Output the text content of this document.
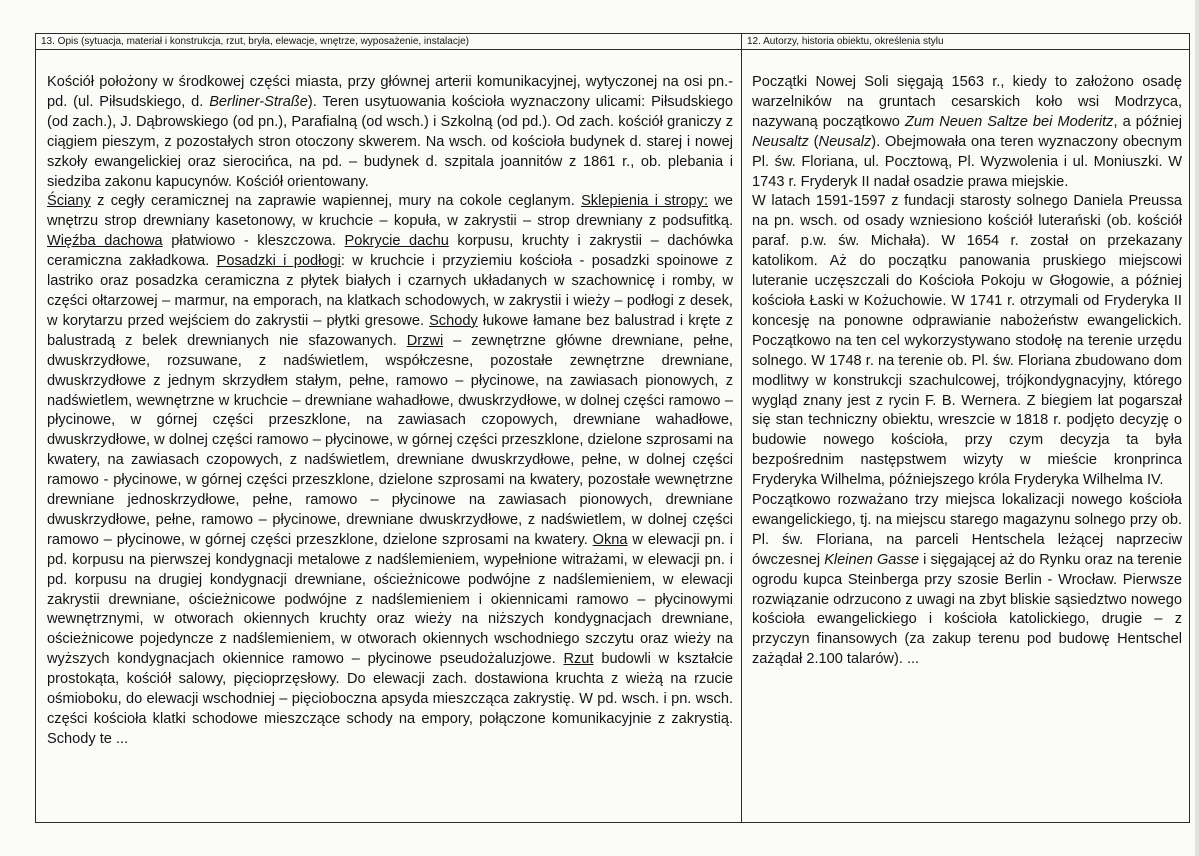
13. Opis (sytuacja, materiał i konstrukcja, rzut, bryła, elewacje, wnętrze, wyposażenie, instalacje)

Kościół położony w środkowej części miasta, przy głównej arterii komunikacyjnej, wytyczonej na osi pn.-pd. (ul. Piłsudskiego, d. Berliner-Straße). Teren usytuowania kościoła wyznaczony ulicami: Piłsudskiego (od zach.), J. Dąbrowskiego (od pn.), Parafialną (od wsch.) i Szkolną (od pd.). Od zach. kościół graniczy z ciągiem pieszym, z pozostałych stron otoczony skwerem. Na wsch. od kościoła budynek d. starej i nowej szkoły ewangelickiej oraz sierocińca, na pd. – budynek d. szpitala joannitów z 1861 r., ob. plebania i siedziba zakonu kapucynów. Kościół orientowany.

Ściany z cegły ceramicznej na zaprawie wapiennej, mury na cokole ceglanym. Sklepienia i stropy: we wnętrzu strop drewniany kasetonowy, w kruchcie – kopuła, w zakrystii – strop drewniany z podsufitką. Więźba dachowa płatwiowo - kleszczowa. Pokrycie dachu korpusu, kruchty i zakrystii – dachówka ceramiczna zakładkowa. Posadzki i podłogi: w kruchcie i przyziemiu kościoła - posadzki spoinowe z lastriko oraz posadzka ceramiczna z płytek białych i czarnych układanych w szachownicę i romby, w części ołtarzowej – marmur, na emporach, na klatkach schodowych, w zakrystii i wieży – podłogi z desek, w korytarzu przed wejściem do zakrystii – płytki gresowe. Schody łukowe łamane bez balustrad i kręte z balustradą z belek drewnianych nie sfazowanych. Drzwi – zewnętrzne główne drewniane, pełne, dwuskrzydłowe, rozsuwane, z nadświetlem, współczesne, pozostałe zewnętrzne drewniane, dwuskrzydłowe z jednym skrzydłem stałym, pełne, ramowo – płycinowe, na zawiasach pionowych, z nadświetlem, wewnętrzne w kruchcie – drewniane wahadłowe, dwuskrzydłowe, w dolnej części ramowo – płycinowe, w górnej części przeszklone, na zawiasach czopowych, drewniane wahadłowe, dwuskrzydłowe, w dolnej części ramowo – płycinowe, w górnej części przeszklone, dzielone szprosami na kwatery, na zawiasach czopowych, z nadświetlem, drewniane dwuskrzydłowe, pełne, w dolnej części ramowo - płycinowe, w górnej części przeszklone, dzielone szprosami na kwatery, pozostałe wewnętrzne drewniane jednoskrzydłowe, pełne, ramowo – płycinowe na zawiasach pionowych, drewniane dwuskrzydłowe, pełne, ramowo – płycinowe, drewniane dwuskrzydłowe, z nadświetlem, w dolnej części ramowo – płycinowe, w górnej części przeszklone, dzielone szprosami na kwatery. Okna w elewacji pn. i pd. korpusu na pierwszej kondygnacji metalowe z nadślemieniem, wypełnione witrażami, w elewacji pn. i pd. korpusu na drugiej kondygnacji drewniane, ościeżnicowe podwójne z nadślemieniem, w elewacji zakrystii drewniane, ościeżnicowe podwójne z nadślemieniem i okiennicami ramowo – płycinowymi wewnętrznymi, w otworach okiennych kruchty oraz wieży na niższych kondygnacjach drewniane, ościeżnicowe pojedyncze z nadślemieniem, w otworach okiennych wschodniego szczytu oraz wieży na wyższych kondygnacjach okiennice ramowo – płycinowe pseudożaluzjowe. Rzut budowli w kształcie prostokąta, kościół salowy, pięcioprzęsłowy. Do elewacji zach. dostawiona kruchta z wieżą na rzucie ośmioboku, do elewacji wschodniej – pięcioboczna apsyda mieszcząca zakrystię. W pd. wsch. i pn. wsch. części kościoła klatki schodowe mieszczące schody na empory, połączone komunikacyjnie z zakrystią. Schody te ...

12. Autorzy, historia obiektu, określenia stylu

Początki Nowej Soli sięgają 1563 r., kiedy to założono osadę warzelników na gruntach cesarskich koło wsi Modrzyca, nazywaną początkowo Zum Neuen Saltze bei Moderitz, a później Neusaltz (Neusalz). Obejmowała ona teren wyznaczony obecnym Pl. św. Floriana, ul. Pocztową, Pl. Wyzwolenia i ul. Moniuszki. W 1743 r. Fryderyk II nadał osadzie prawa miejskie.

W latach 1591-1597 z fundacji starosty solnego Daniela Preussa na pn. wsch. od osady wzniesiono kościół luterański (ob. kościół paraf. p.w. św. Michała). W 1654 r. został on przekazany katolikom. Aż do początku panowania pruskiego miejscowi luteranie uczęszczali do Kościoła Pokoju w Głogowie, a później kościoła Łaski w Kożuchowie. W 1741 r. otrzymali od Fryderyka II koncesję na ponowne odprawianie nabożeństw ewangelickich. Początkowo na ten cel wykorzystywano stodołę na terenie urzędu solnego. W 1748 r. na terenie ob. Pl. św. Floriana zbudowano dom modlitwy w konstrukcji szachulcowej, trójkondygnacyjny, którego wygląd znany jest z rycin F. B. Wernera. Z biegiem lat pogarszał się stan techniczny obiektu, wreszcie w 1818 r. podjęto decyzję o budowie nowego kościoła, przy czym decyzja ta była bezpośrednim następstwem wizyty w mieście kronprincа Fryderyka Wilhelma, późniejszego króla Fryderyka Wilhelma IV.

Początkowo rozważano trzy miejsca lokalizacji nowego kościoła ewangelickiego, tj. na miejscu starego magazynu solnego przy ob. Pl. św. Floriana, na parceli Hentschela leżącej naprzeciw ówczesnej Kleinen Gasse i sięgającej aż do Rynku oraz na terenie ogrodu kupca Steinberga przy szosie Berlin - Wrocław. Pierwsze rozwiązanie odrzucono z uwagi na zbyt bliskie sąsiedztwo nowego kościoła ewangelickiego i kościoła katolickiego, drugie – z przyczyn finansowych (za zakup terenu pod budowę Hentschel zażądał 2.100 talarów). ...
